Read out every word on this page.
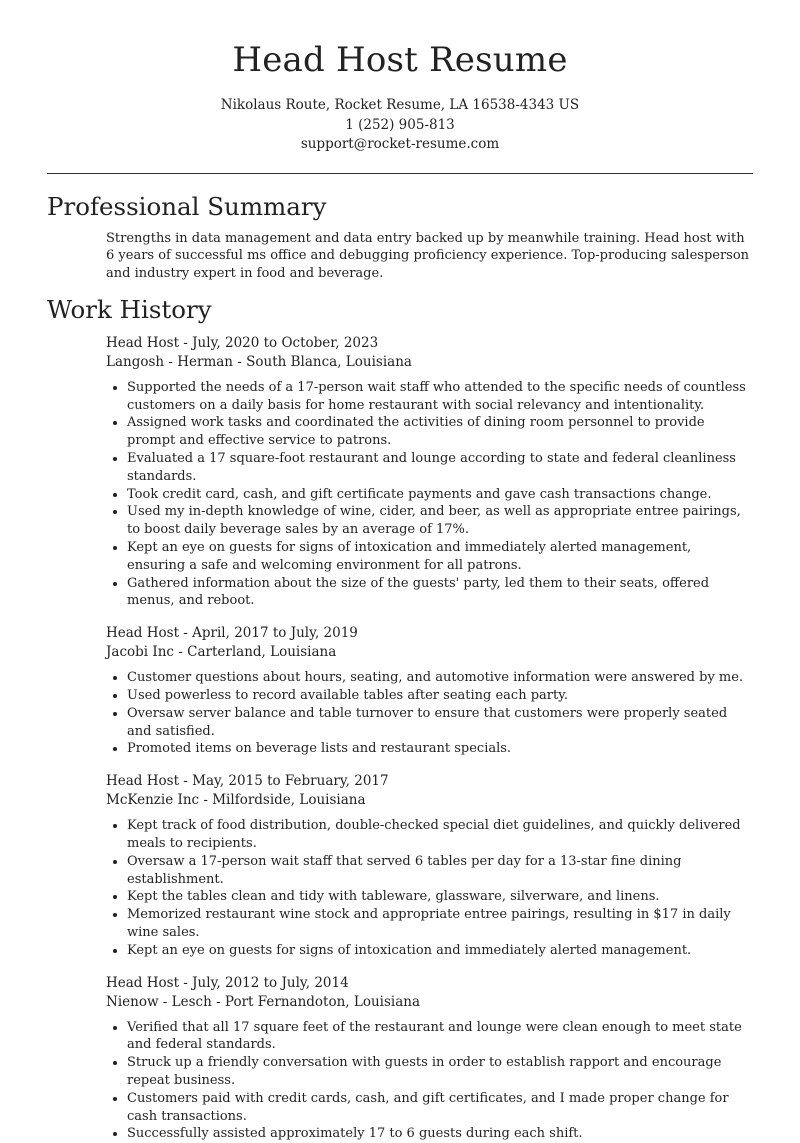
Head Host Resume
Nikolaus Route, Rocket Resume, LA 16538-4343 US
1 (252) 905-813
support@rocket-resume.com
Professional Summary

Strengths in data management and data entry backed up by meanwhile training. Head host with 6 years of successful ms office and debugging proficiency experience. Top-producing salesperson and industry expert in food and beverage.

Work History
Head Host - July, 2020 to October, 2023
Langosh - Herman - South Blanca, Louisiana
• Supported the needs of a 17-person wait staff who attended to the specific needs of countless customers on a daily basis for home restaurant with social relevancy and intentionality.
• Assigned work tasks and coordinated the activities of dining room personnel to provide prompt and effective service to patrons.
• Evaluated a 17 square-foot restaurant and lounge according to state and federal cleanliness standards.
• Took credit card, cash, and gift certificate payments and gave cash transactions change.
• Used my in-depth knowledge of wine, cider, and beer, as well as appropriate entree pairings, to boost daily beverage sales by an average of 17%.
• Kept an eye on guests for signs of intoxication and immediately alerted management, ensuring a safe and welcoming environment for all patrons.
• Gathered information about the size of the guests' party, led them to their seats, offered menus, and reboot.
Head Host - April, 2017 to July, 2019
Jacobi Inc - Carterland, Louisiana
• Customer questions about hours, seating, and automotive information were answered by me.
• Used powerless to record available tables after seating each party.
• Oversaw server balance and table turnover to ensure that customers were properly seated and satisfied.
• Promoted items on beverage lists and restaurant specials.
Head Host - May, 2015 to February, 2017
McKenzie Inc - Milfordside, Louisiana
• Kept track of food distribution, double-checked special diet guidelines, and quickly delivered meals to recipients.
• Oversaw a 17-person wait staff that served 6 tables per day for a 13-star fine dining establishment.
• Kept the tables clean and tidy with tableware, glassware, silverware, and linens.
• Memorized restaurant wine stock and appropriate entree pairings, resulting in $17 in daily wine sales.
• Kept an eye on guests for signs of intoxication and immediately alerted management.
Head Host - July, 2012 to July, 2014
Nienow - Lesch - Port Fernandoton, Louisiana
• Verified that all 17 square feet of the restaurant and lounge were clean enough to meet state and federal standards.
• Struck up a friendly conversation with guests in order to establish rapport and encourage repeat business.
• Customers paid with credit cards, cash, and gift certificates, and I made proper change for cash transactions.
• Successfully assisted approximately 17 to 6 guests during each shift.
